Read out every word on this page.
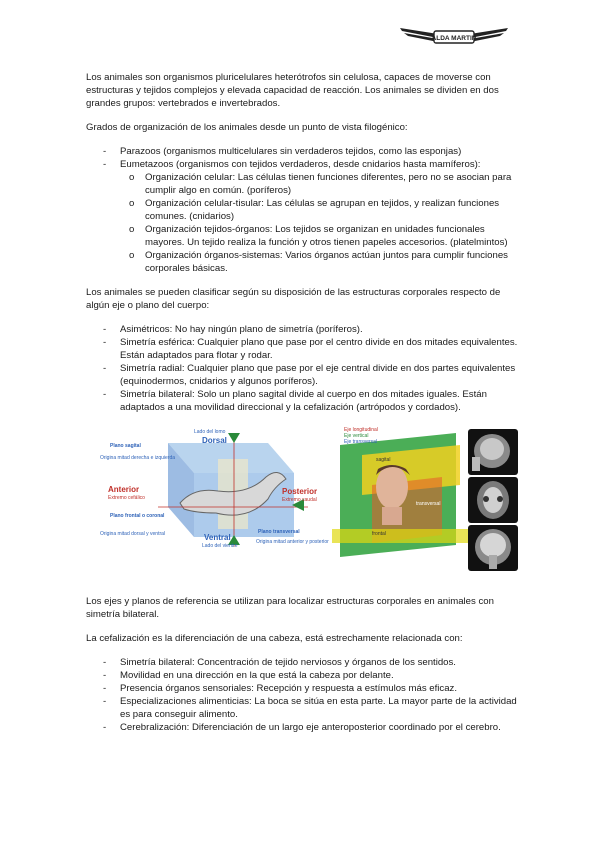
ALDA MARTIN

Los animales son organismos pluricelulares heterótrofos sin celulosa, capaces de moverse con estructuras y tejidos complejos y elevada capacidad de reacción. Los animales se dividen en dos grandes grupos: vertebrados e invertebrados.

Grados de organización de los animales desde un punto de vista filogénico:

- Parazoos (organismos multicelulares sin verdaderos tejidos, como las esponjas)
- Eumetazoos (organismos con tejidos verdaderos, desde cnidarios hasta mamíferos):
o Organización celular: Las células tienen funciones diferentes, pero no se asocian para cumplir algo en común. (poríferos)
o Organización celular-tisular: Las células se agrupan en tejidos, y realizan funciones comunes. (cnidarios)
o Organización tejidos-órganos: Los tejidos se organizan en unidades funcionales mayores. Un tejido realiza la función y otros tienen papeles accesorios. (platelmintos)
o Organización órganos-sistemas: Varios órganos actúan juntos para cumplir funciones corporales básicas.

Los animales se pueden clasificar según su disposición de las estructuras corporales respecto de algún eje o plano del cuerpo:

- Asimétricos: No hay ningún plano de simetría (poríferos).
- Simetría esférica: Cualquier plano que pase por el centro divide en dos mitades equivalentes. Están adaptados para flotar y rodar.
- Simetría radial: Cualquier plano que pase por el eje central divide en dos partes equivalentes (equinodermos, cnidarios y algunos poríferos).
- Simetría bilateral: Solo un plano sagital divide al cuerpo en dos mitades iguales. Están adaptados a una movilidad direccional y la cefalización (artrópodos y cordados).
Lado del lomo
Dorsal
Plano sagital
Origina mitad derecha e izquierda
Anterior
Extremo cefálico
Posterior
Extremo caudal
Plano frontal o coronal
Origina mitad dorsal y ventral	Ventral
Lado del vientre
Plano transversal
Origina mitad anterior y posterior
Eje longitudinal
Eje vertical
Eje transversal
sagital
transversal
frontal

Los ejes y planos de referencia se utilizan para localizar estructuras corporales en animales con simetría bilateral.

La cefalización es la diferenciación de una cabeza, está estrechamente relacionada con:

- Simetría bilateral: Concentración de tejido nerviosos y órganos de los sentidos.
- Movilidad en una dirección en la que está la cabeza por delante.
- Presencia órganos sensoriales: Recepción y respuesta a estímulos más eficaz.
- Especializaciones alimenticias: La boca se sitúa en esta parte. La mayor parte de la actividad es para conseguir alimento.
- Cerebralización: Diferenciación de un largo eje anteroposterior coordinado por el cerebro.
